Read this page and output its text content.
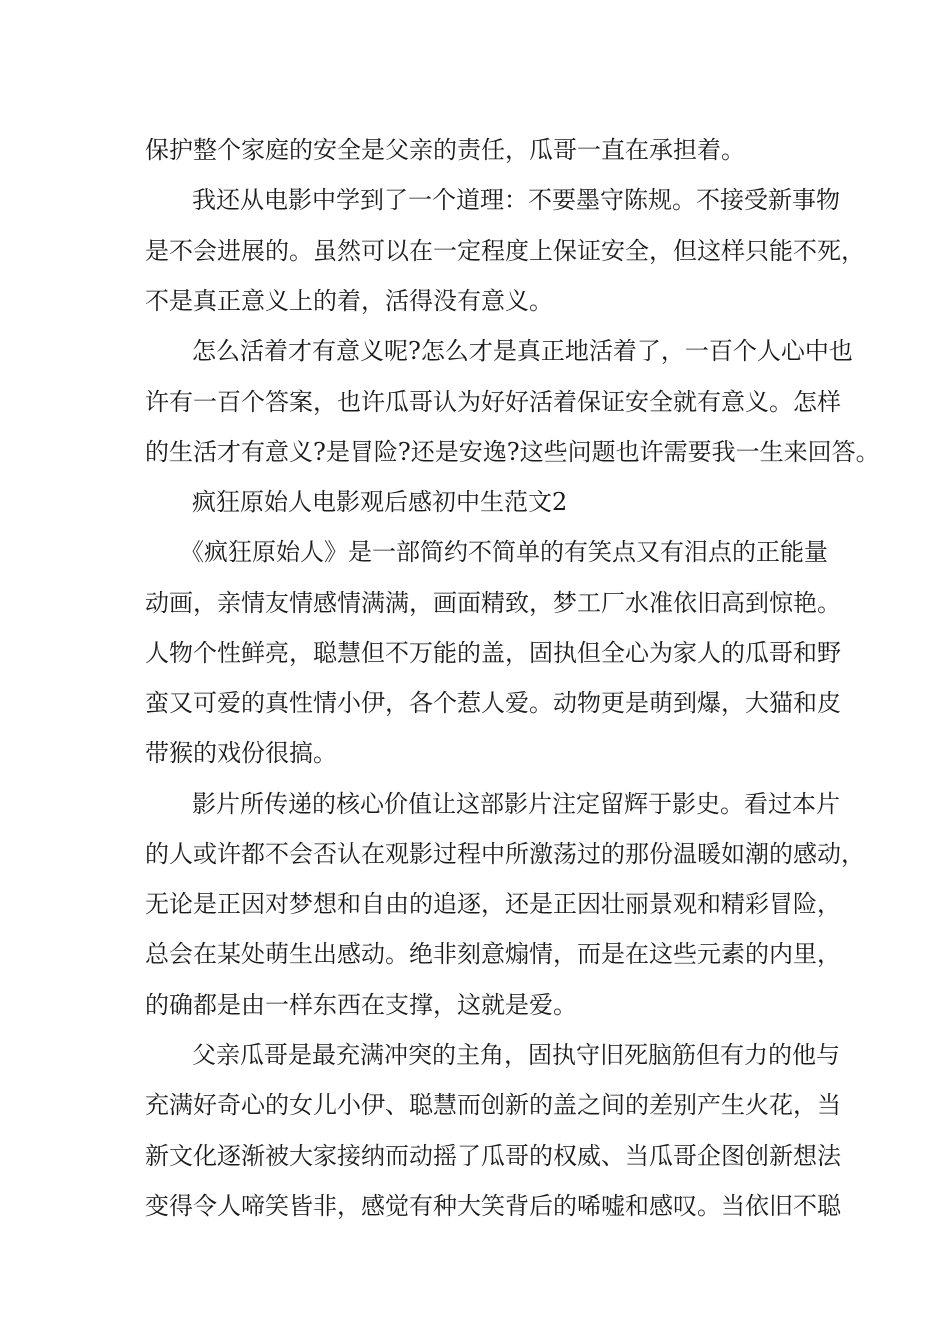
保护整个家庭的安全是父亲的责任，瓜哥一直在承担着。

我还从电影中学到了一个道理：不要墨守陈规。不接受新事物

是不会进展的。虽然可以在一定程度上保证安全，但这样只能不死，

不是真正意义上的着，活得没有意义。

怎么活着才有意义呢?怎么才是真正地活着了，一百个人心中也

许有一百个答案，也许瓜哥认为好好活着保证安全就有意义。怎样

的生活才有意义?是冒险?还是安逸?这些问题也许需要我一生来回答。

疯狂原始人电影观后感初中生范文2

《疯狂原始人》是一部简约不简单的有笑点又有泪点的正能量

动画，亲情友情感情满满，画面精致，梦工厂水准依旧高到惊艳。

人物个性鲜亮，聪慧但不万能的盖，固执但全心为家人的瓜哥和野

蛮又可爱的真性情小伊，各个惹人爱。动物更是萌到爆，大猫和皮

带猴的戏份很搞。

影片所传递的核心价值让这部影片注定留辉于影史。看过本片

的人或许都不会否认在观影过程中所激荡过的那份温暖如潮的感动，

无论是正因对梦想和自由的追逐，还是正因壮丽景观和精彩冒险，

总会在某处萌生出感动。绝非刻意煽情，而是在这些元素的内里，

的确都是由一样东西在支撑，这就是爱。

父亲瓜哥是最充满冲突的主角，固执守旧死脑筋但有力的他与

充满好奇心的女儿小伊、聪慧而创新的盖之间的差别产生火花，当

新文化逐渐被大家接纳而动摇了瓜哥的权威、当瓜哥企图创新想法

变得令人啼笑皆非，感觉有种大笑背后的唏嘘和感叹。当依旧不聪
